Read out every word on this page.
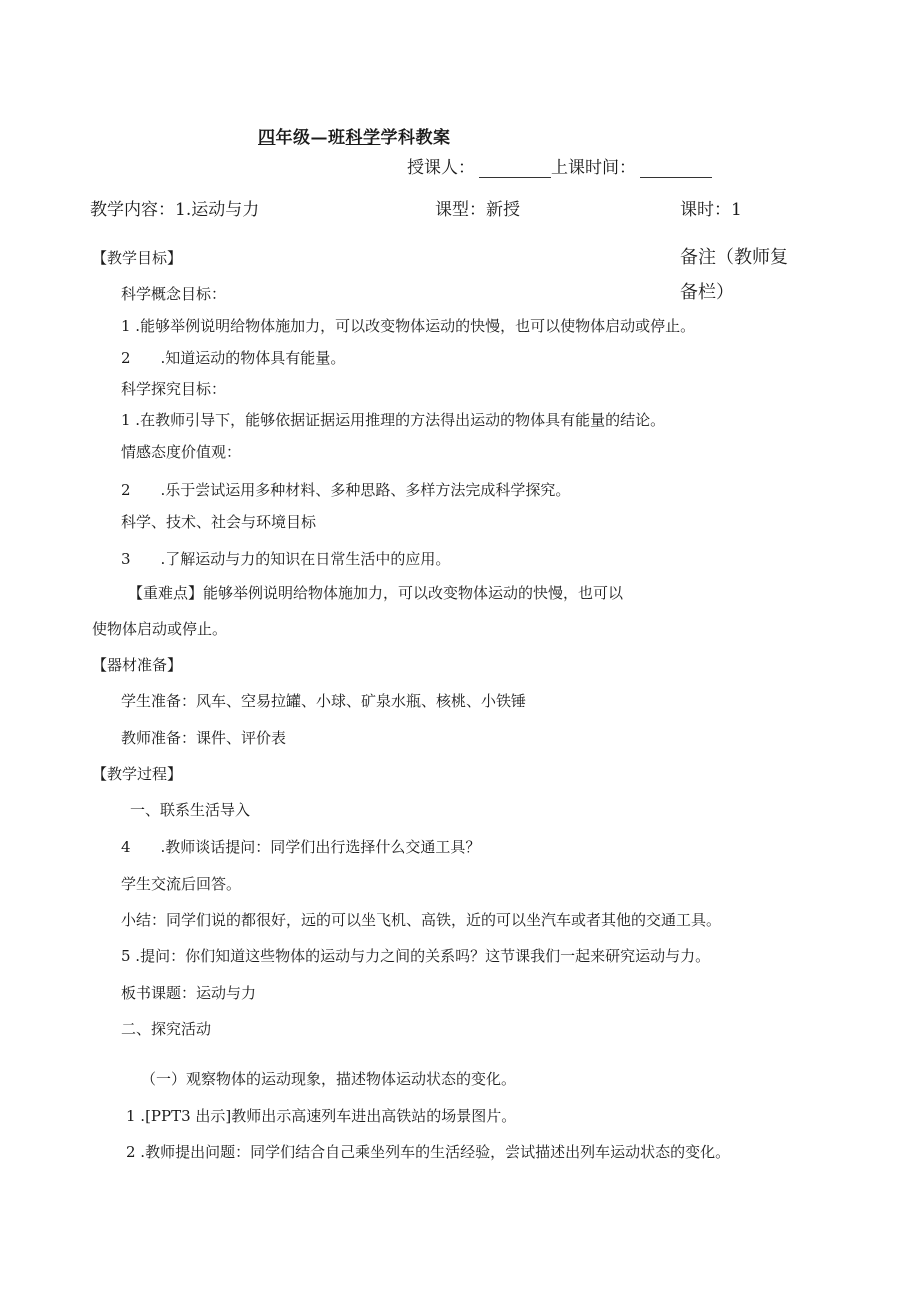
四年级—班科学学科教案
授课人：	上课时间：
教学内容：1.运动与力	课型：新授	课时：1
备注（教师复
备栏）
【教学目标】
科学概念目标：
1 .能够举例说明给物体施加力，可以改变物体运动的快慢，也可以使物体启动或停止。
2  .知道运动的物体具有能量。
科学探究目标：
1 .在教师引导下，能够依据证据运用推理的方法得出运动的物体具有能量的结论。
情感态度价值观：
2  .乐于尝试运用多种材料、多种思路、多样方法完成科学探究。
科学、技术、社会与环境目标
3  .了解运动与力的知识在日常生活中的应用。
【重难点】能够举例说明给物体施加力，可以改变物体运动的快慢，也可以
使物体启动或停止。
【器材准备】
学生准备：风车、空易拉罐、小球、矿泉水瓶、核桃、小铁锤
教师准备：课件、评价表
【教学过程】
一、联系生活导入
4  .教师谈话提问：同学们出行选择什么交通工具？
学生交流后回答。
小结：同学们说的都很好，远的可以坐飞机、高铁，近的可以坐汽车或者其他的交通工具。
5 .提问：你们知道这些物体的运动与力之间的关系吗？这节课我们一起来研究运动与力。
板书课题：运动与力
二、探究活动
（一）观察物体的运动现象，描述物体运动状态的变化。
1 .[PPT3 出示]教师出示高速列车进出高铁站的场景图片。
2 .教师提出问题：同学们结合自己乘坐列车的生活经验，尝试描述出列车运动状态的变化。
